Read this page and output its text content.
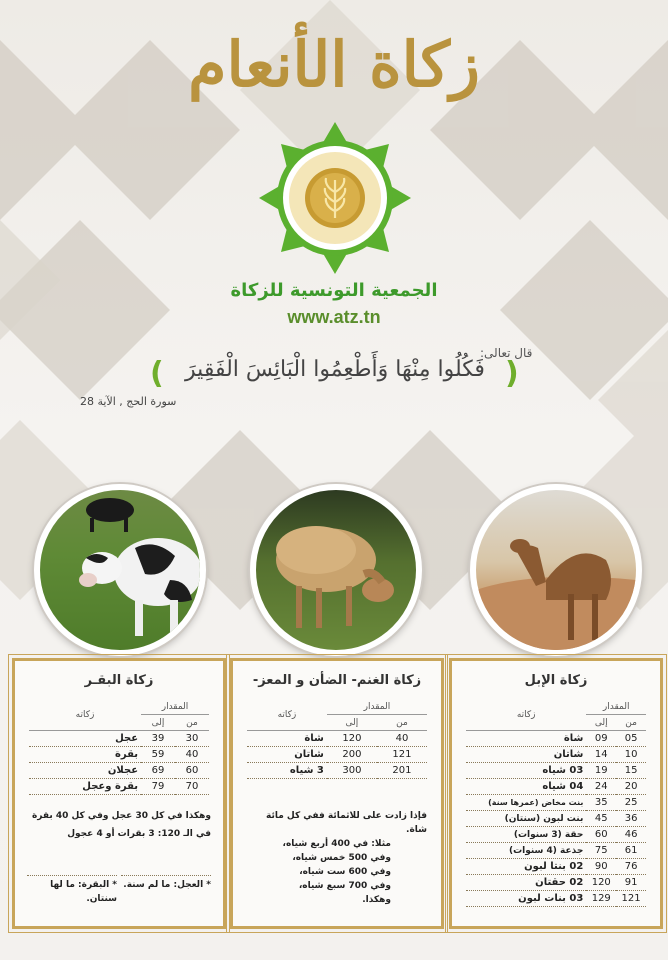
زكاة الأنعام
الجمعية التونسية للزكاة
www.atz.tn
قال تعالى:
(
فَكُلُوا مِنْهَا وَأَطْعِمُوا الْبَائِسَ الْفَقِيرَ
)
سورة الحج , الآية 28
زكاة الإبل
المقدار		زكاته
من	إلى	
05	09	شاة
10	14	شاتان
15	19	03 شياه
20	24	04 شياه
25	35	بنت مخاض (عمرها سنة)
36	45	بنت لبون (سنتان)
46	60	حقة (3 سنوات)
61	75	جذعة (4 سنوات)
76	90	02 بنتا لبون
91	120	02 حقتان
121	129	03 بنات لبون
زكاة الغنم- الضأن و المعز-
المقدار		زكاته
من	إلى	
40	120	شاة
121	200	شاتان
201	300	3 شياه
فإذا زادت على للاثمائة ففي كل مائة شاة.
مثلا: في 400 أربع شياه،
وفي 500 خمس شياه،
وفي 600 ست شياه،
وفي 700 سبع شياه،
وهكذا.
زكاة البقـر
المقدار		زكاته
من	إلى	
30	39	عجل
40	59	بقرة
60	69	عجلان
70	79	بقرة وعجل
وهكذا في كل 30 عجل وفي كل 40 بقرة
في الـ 120: 3 بقرات أو 4 عجول
* العجل: ما لم سنة.
* البقرة: ما لها سنتان.
